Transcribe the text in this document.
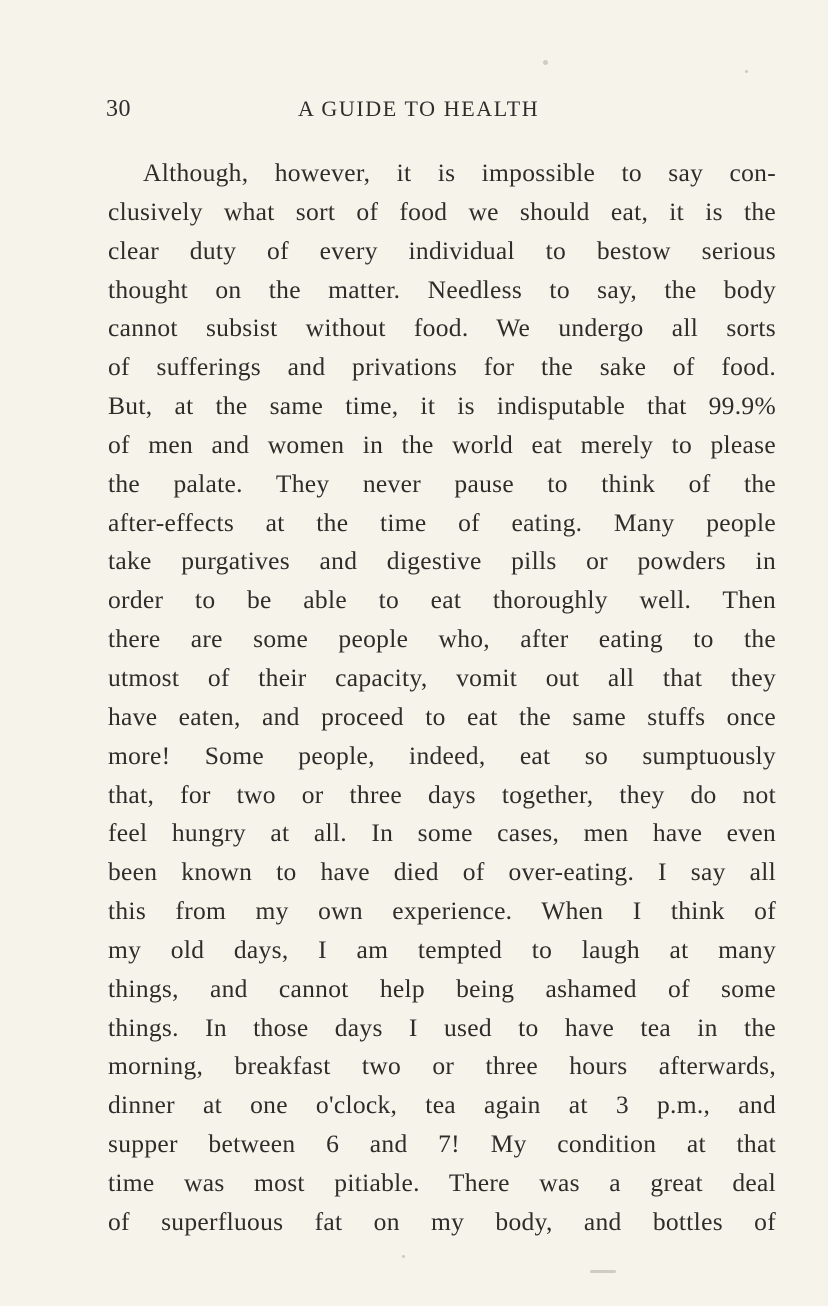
30	A GUIDE TO HEALTH
Although, however, it is impossible to say con-
clusively what sort of food we should eat, it is the
clear duty of every individual to bestow serious
thought on the matter. Needless to say, the body
cannot subsist without food. We undergo all sorts
of sufferings and privations for the sake of food.
But, at the same time, it is indisputable that 99.9%
of men and women in the world eat merely to please
the palate. They never pause to think of the
after-effects at the time of eating. Many people
take purgatives and digestive pills or powders in
order to be able to eat thoroughly well. Then
there are some people who, after eating to the
utmost of their capacity, vomit out all that they
have eaten, and proceed to eat the same stuffs once
more! Some people, indeed, eat so sumptuously
that, for two or three days together, they do not
feel hungry at all. In some cases, men have even
been known to have died of over-eating. I say all
this from my own experience. When I think of
my old days, I am tempted to laugh at many
things, and cannot help being ashamed of some
things. In those days I used to have tea in the
morning, breakfast two or three hours afterwards,
dinner at one o'clock, tea again at 3 p.m., and
supper between 6 and 7! My condition at that
time was most pitiable. There was a great deal
of superfluous fat on my body, and bottles of
